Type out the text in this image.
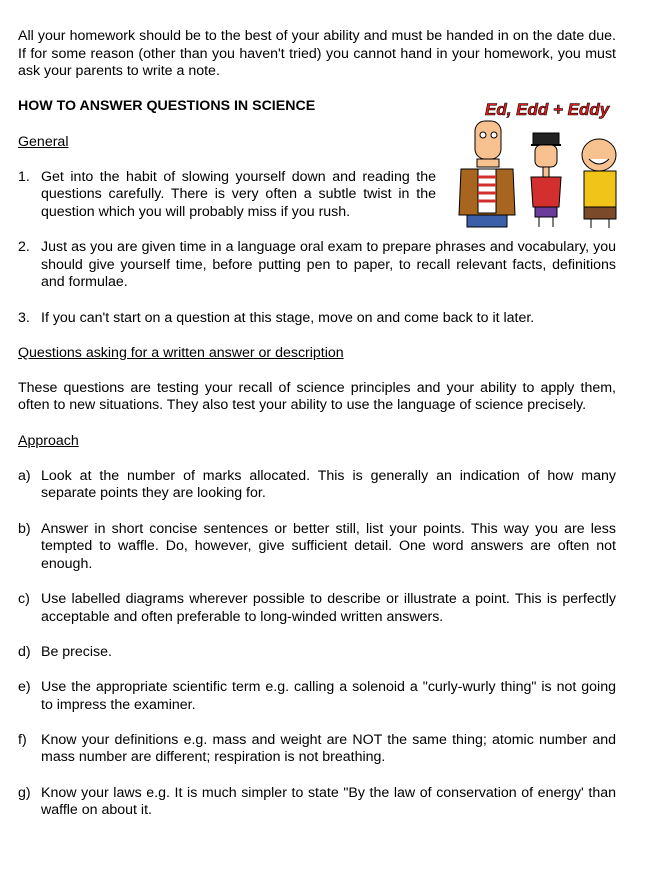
All your homework should be to the best of your ability and must be handed in on the date due. If for some reason (other than you haven't tried) you cannot hand in your homework, you must ask your parents to write a note.

HOW TO ANSWER QUESTIONS IN SCIENCE

General

1. Get into the habit of slowing yourself down and reading the questions carefully. There is very often a subtle twist in the question which you will probably miss if you rush.
2. Just as you are given time in a language oral exam to prepare phrases and vocabulary, you should give yourself time, before putting pen to paper, to recall relevant facts, definitions and formulae.
3. If you can't start on a question at this stage, move on and come back to it later.

Questions asking for a written answer or description

These questions are testing your recall of science principles and your ability to apply them, often to new situations. They also test your ability to use the language of science precisely.

Approach

a) Look at the number of marks allocated. This is generally an indication of how many separate points they are looking for.
b) Answer in short concise sentences or better still, list your points. This way you are less tempted to waffle. Do, however, give sufficient detail. One word answers are often not enough.
c) Use labelled diagrams wherever possible to describe or illustrate a point. This is perfectly acceptable and often preferable to long-winded written answers.
d) Be precise.
e) Use the appropriate scientific term e.g. calling a solenoid a "curly-wurly thing" is not going to impress the examiner.
f)	Know your definitions e.g. mass and weight are NOT the same thing; atomic number and mass number are different; respiration is not breathing.
g) Know your laws e.g. It is much simpler to state "By the law of conservation of energy' than waffle on about it.
Ed, Edd + Eddy
